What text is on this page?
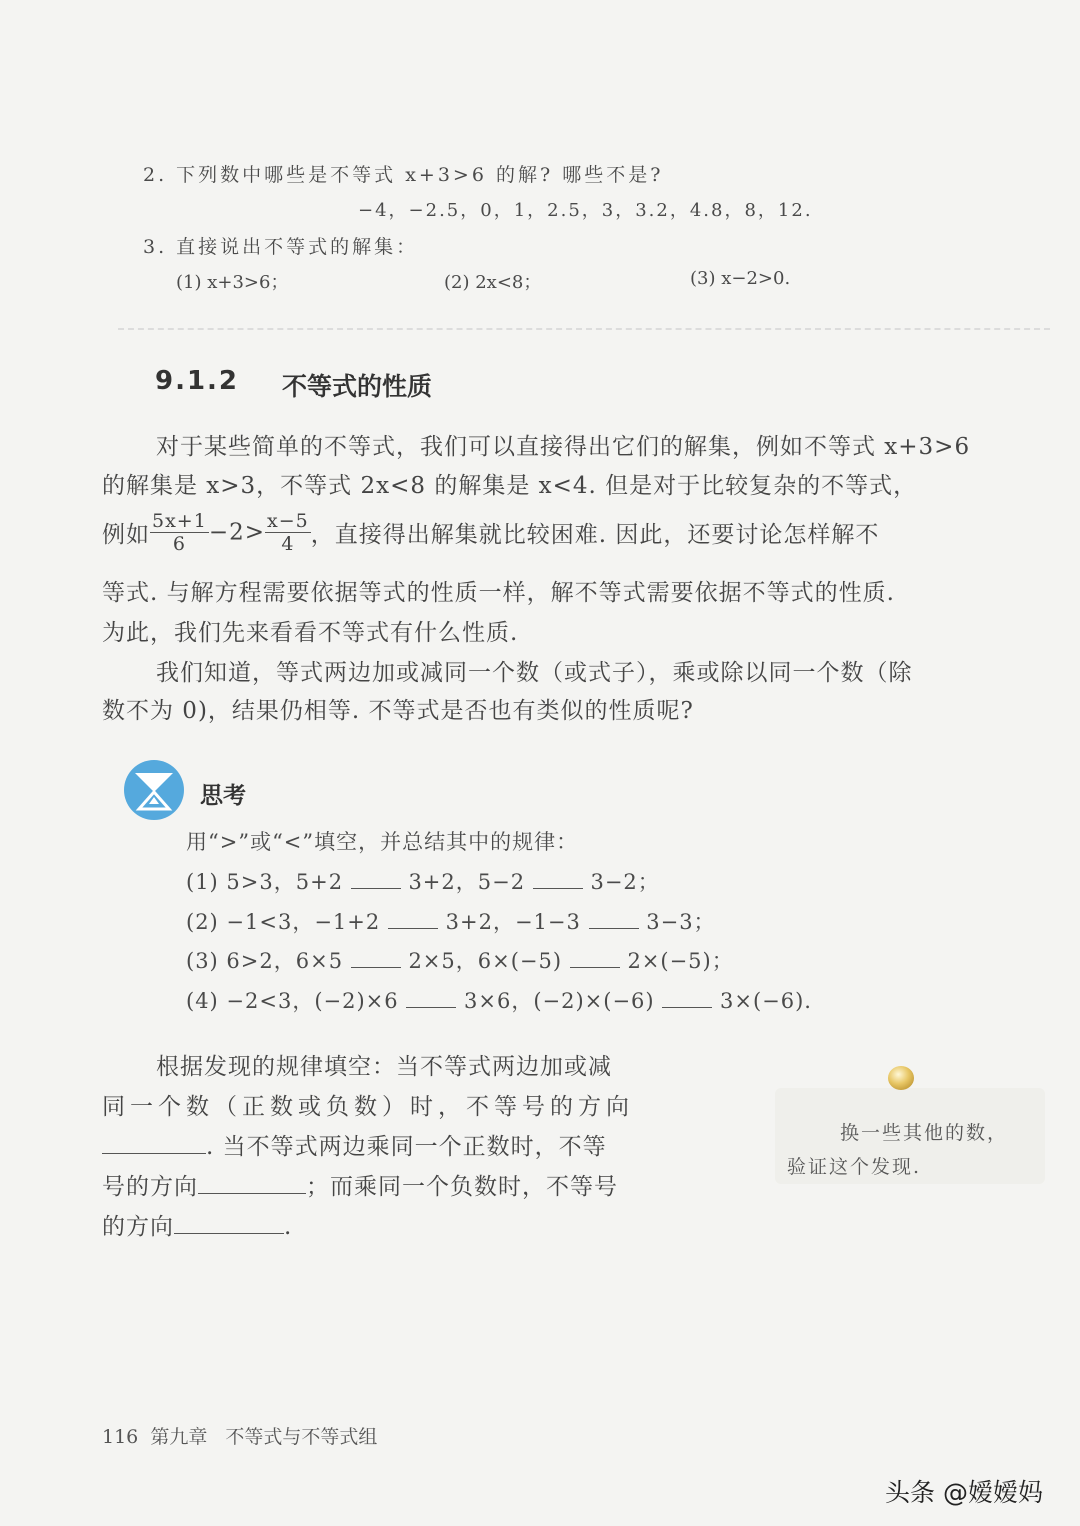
2. 下列数中哪些是不等式 x+3>6 的解? 哪些不是?
−4，−2.5，0，1，2.5，3，3.2，4.8，8，12.
3. 直接说出不等式的解集：
(1) x+3>6；	(2) 2x<8；	(3) x−2>0.
9.1.2 不等式的性质
对于某些简单的不等式，我们可以直接得出它们的解集，例如不等式 x+3>6
的解集是 x>3，不等式 2x<8 的解集是 x<4. 但是对于比较复杂的不等式，
例如 $\frac{5x+1}{6} -2> \frac{x-5}{4}$ ，直接得出解集就比较困难. 因此，还要讨论怎样解不
等式. 与解方程需要依据等式的性质一样，解不等式需要依据不等式的性质.
为此，我们先来看看不等式有什么性质.
我们知道，等式两边加或减同一个数（或式子），乘或除以同一个数（除
数不为 0)，结果仍相等. 不等式是否也有类似的性质呢?
思考
用“>”或“<”填空，并总结其中的规律：
(1) 5>3，5+2	3+2，5−2	3−2；
(2) −1<3，−1+2	3+2，−1−3	3−3；
(3) 6>2，6×5	2×5，6×(−5)	2×(−5)；
(4) −2<3，(−2)×6	3×6，(−2)×(−6)	3×(−6).
根据发现的规律填空：当不等式两边加或减
同一个数（正数或负数）时，不等号的方向
. 当不等式两边乘同一个正数时，不等
号的方向	；而乘同一个负数时，不等号
的方向	.
换一些其他的数，
验证这个发现.
116 第九章 不等式与不等式组
头条 @嫒嫒妈
